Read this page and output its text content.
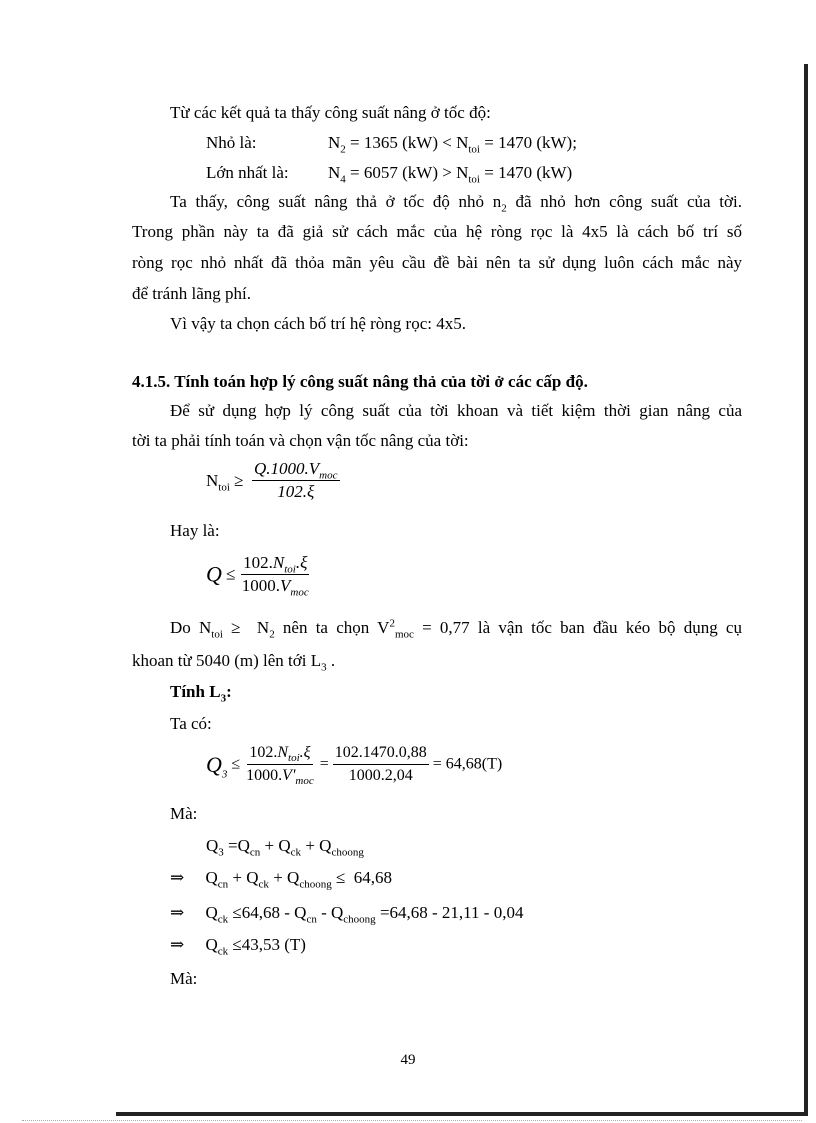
Từ các kết quả ta thấy công suất nâng ở tốc độ:
Nhỏ là:	$N_2 = 1365$ $(kW) < N_{toi} = 1470$ (kW);
Lớn nhất là: $N_4 = 6057$ $(kW) > N_{toi} = 1470$ (kW)
Ta thấy, công suất nâng thả ở tốc độ nhỏ $n_2$ đã nhỏ hơn công suất của tời.
Trong phần này ta đã giả sử cách mắc của hệ ròng rọc là 4x5 là cách bố trí số
ròng rọc nhỏ nhất đã thỏa mãn yêu cầu đề bài nên ta sử dụng luôn cách mắc này
để tránh lãng phí.
Vì vậy ta chọn cách bố trí hệ ròng rọc: 4x5.
4.1.5. Tính toán hợp lý công suất nâng thả của tời ở các cấp độ.
Để sử dụng hợp lý công suất của tời khoan và tiết kiệm thời gian nâng của
tời ta phải tính toán và chọn vận tốc nâng của tời:
$N_{toi} \ge \frac{Q.1000.V_{moc}}{102.\xi}$
Hay là:
$Q \le \frac{102.N_{toi}.\xi}{1000.V_{moc}}$
Do $N_{toi} \ge N_2$ nên ta chọn $V^2_{moc} = 0,77$ là vận tốc ban đầu kéo bộ dụng cụ
khoan từ 5040 (m) lên tới $L_3$ .
Tính $L_3$:
Ta có:
$Q_3 \le \frac{102.N_{toi}.\xi}{1000.V'_{moc}} = \frac{102.1470.0,88}{1000.2,04} = 64,68(T)$
Mà:
$Q_3 =Q_{cn} + Q_{ck} + Q_{choong}$
⇒     $Q_{cn} + Q_{ck} + Q_{choong} \le 64,68$
⇒     $Q_{ck} \le 64,68 - Q_{cn} - Q_{choong} =64,68 - 21,11 - 0,04$
⇒     $Q_{ck} \le 43,53$ (T)
Mà:
49
